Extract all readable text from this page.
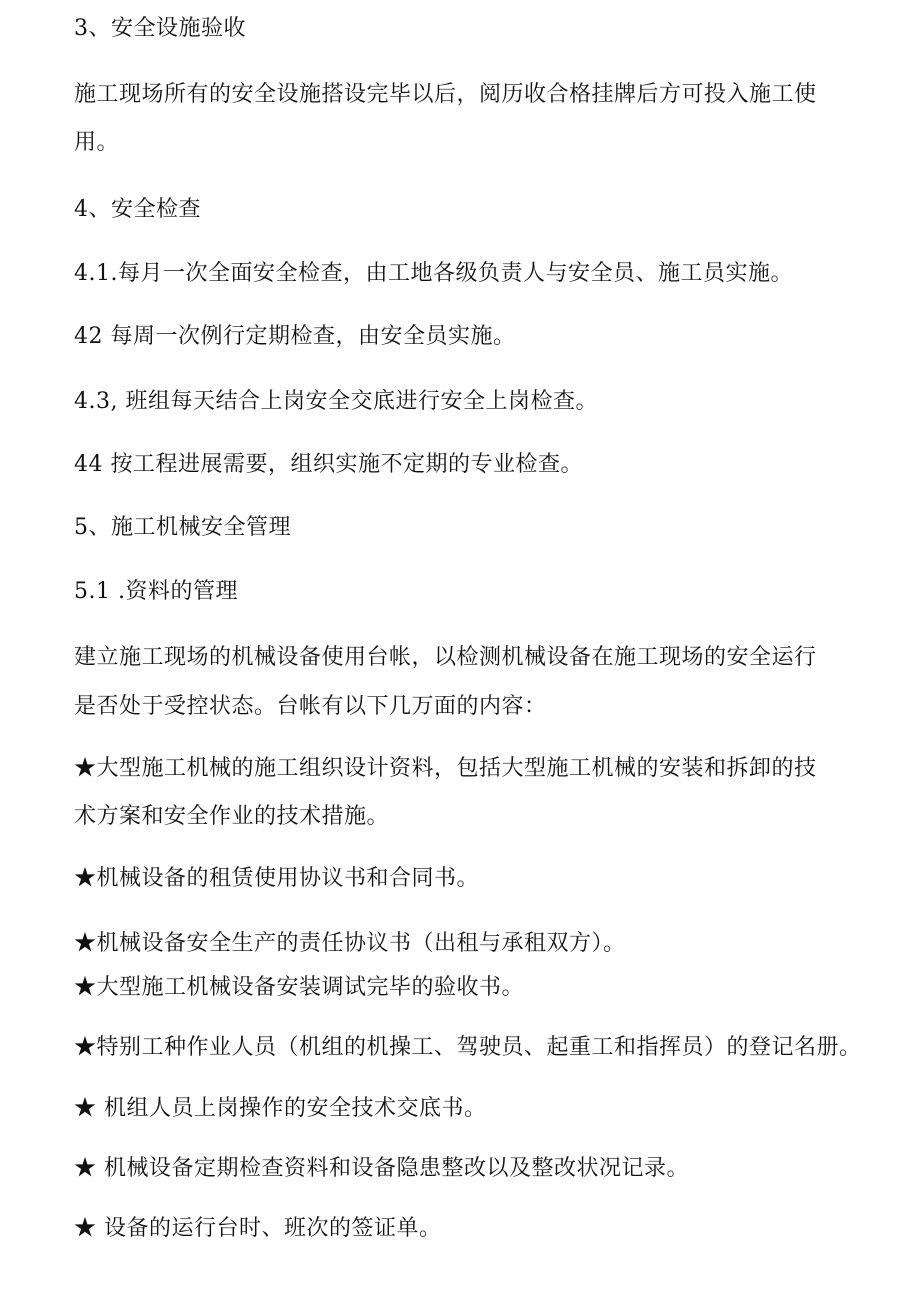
3、安全设施验收
施工现场所有的安全设施搭设完毕以后，阅历收合格挂牌后方可投入施工使
用。
4、安全检查
4.1.每月一次全面安全检查，由工地各级负责人与安全员、施工员实施。
42 每周一次例行定期检查，由安全员实施。
4.3, 班组每天结合上岗安全交底进行安全上岗检查。
44 按工程进展需要，组织实施不定期的专业检查。
5、施工机械安全管理
5.1 .资料的管理
建立施工现场的机械设备使用台帐，以检测机械设备在施工现场的安全运行
是否处于受控状态。台帐有以下几万面的内容：
★大型施工机械的施工组织设计资料，包括大型施工机械的安装和拆卸的技
术方案和安全作业的技术措施。
★机械设备的租赁使用协议书和合同书。
★机械设备安全生产的责任协议书（出租与承租双方）。
★大型施工机械设备安装调试完毕的验收书。
★特别工种作业人员（机组的机操工、驾驶员、起重工和指挥员）的登记名册。
★ 机组人员上岗操作的安全技术交底书。
★ 机械设备定期检查资料和设备隐患整改以及整改状况记录。
★ 设备的运行台时、班次的签证单。
